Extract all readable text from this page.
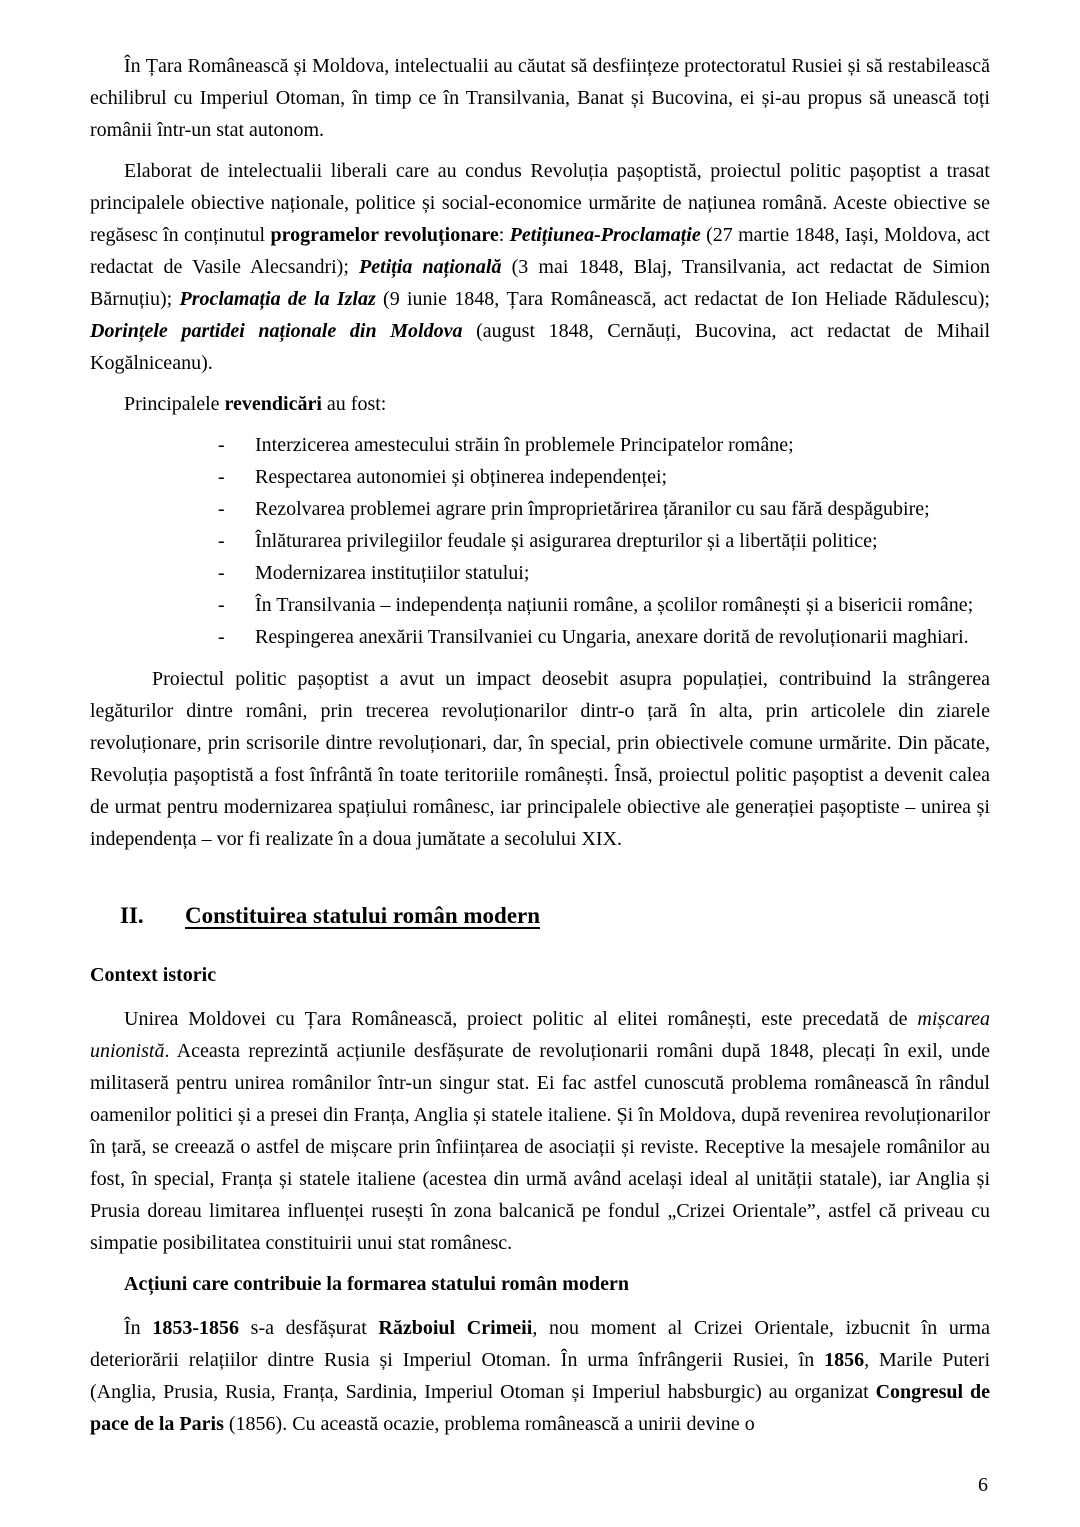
În Țara Românească și Moldova, intelectualii au căutat să desființeze protectoratul Rusiei și să restabilească echilibrul cu Imperiul Otoman, în timp ce în Transilvania, Banat și Bucovina, ei și-au propus să unească toți românii într-un stat autonom.

Elaborat de intelectualii liberali care au condus Revoluția pașoptistă, proiectul politic pașoptist a trasat principalele obiective naționale, politice și social-economice urmărite de națiunea română. Aceste obiective se regăsesc în conținutul programelor revoluționare: Petițiunea-Proclamație (27 martie 1848, Iași, Moldova, act redactat de Vasile Alecsandri); Petiția națională (3 mai 1848, Blaj, Transilvania, act redactat de Simion Bărnuțiu); Proclamația de la Izlaz (9 iunie 1848, Țara Românească, act redactat de Ion Heliade Rădulescu); Dorințele partidei naționale din Moldova (august 1848, Cernăuți, Bucovina, act redactat de Mihail Kogălniceanu).

Principalele revendicări au fost:

-	Interzicerea amestecului străin în problemele Principatelor române;
-	Respectarea autonomiei și obținerea independenței;
-	Rezolvarea problemei agrare prin împroprietărirea țăranilor cu sau fără despăgubire;
-	Înlăturarea privilegiilor feudale și asigurarea drepturilor și a libertății politice;
-	Modernizarea instituțiilor statului;
-	În Transilvania – independența națiunii române, a școlilor românești și a bisericii române;
-	Respingerea anexării Transilvaniei cu Ungaria, anexare dorită de revoluționarii maghiari.

Proiectul politic pașoptist a avut un impact deosebit asupra populației, contribuind la strângerea legăturilor dintre români, prin trecerea revoluționarilor dintr-o țară în alta, prin articolele din ziarele revoluționare, prin scrisorile dintre revoluționari, dar, în special, prin obiectivele comune urmărite. Din păcate, Revoluția pașoptistă a fost înfrântă în toate teritoriile românești. Însă, proiectul politic pașoptist a devenit calea de urmat pentru modernizarea spațiului românesc, iar principalele obiective ale generației pașoptiste – unirea și independența – vor fi realizate în a doua jumătate a secolului XIX.

II. Constituirea statului român modern

Context istoric

Unirea Moldovei cu Țara Românească, proiect politic al elitei românești, este precedată de mișcarea unionistă. Aceasta reprezintă acțiunile desfășurate de revoluționarii români după 1848, plecați în exil, unde militaseră pentru unirea românilor într-un singur stat. Ei fac astfel cunoscută problema românească în rândul oamenilor politici și a presei din Franța, Anglia și statele italiene. Și în Moldova, după revenirea revoluționarilor în țară, se creează o astfel de mișcare prin înființarea de asociații și reviste. Receptive la mesajele românilor au fost, în special, Franța și statele italiene (acestea din urmă având același ideal al unității statale), iar Anglia și Prusia doreau limitarea influenței rusești în zona balcanică pe fondul „Crizei Orientale”, astfel că priveau cu simpatie posibilitatea constituirii unui stat românesc.

Acțiuni care contribuie la formarea statului român modern

În 1853-1856 s-a desfășurat Războiul Crimeii, nou moment al Crizei Orientale, izbucnit în urma deteriorării relațiilor dintre Rusia și Imperiul Otoman. În urma înfrângerii Rusiei, în 1856, Marile Puteri (Anglia, Prusia, Rusia, Franța, Sardinia, Imperiul Otoman și Imperiul habsburgic) au organizat Congresul de pace de la Paris (1856). Cu această ocazie, problema românească a unirii devine o

6
